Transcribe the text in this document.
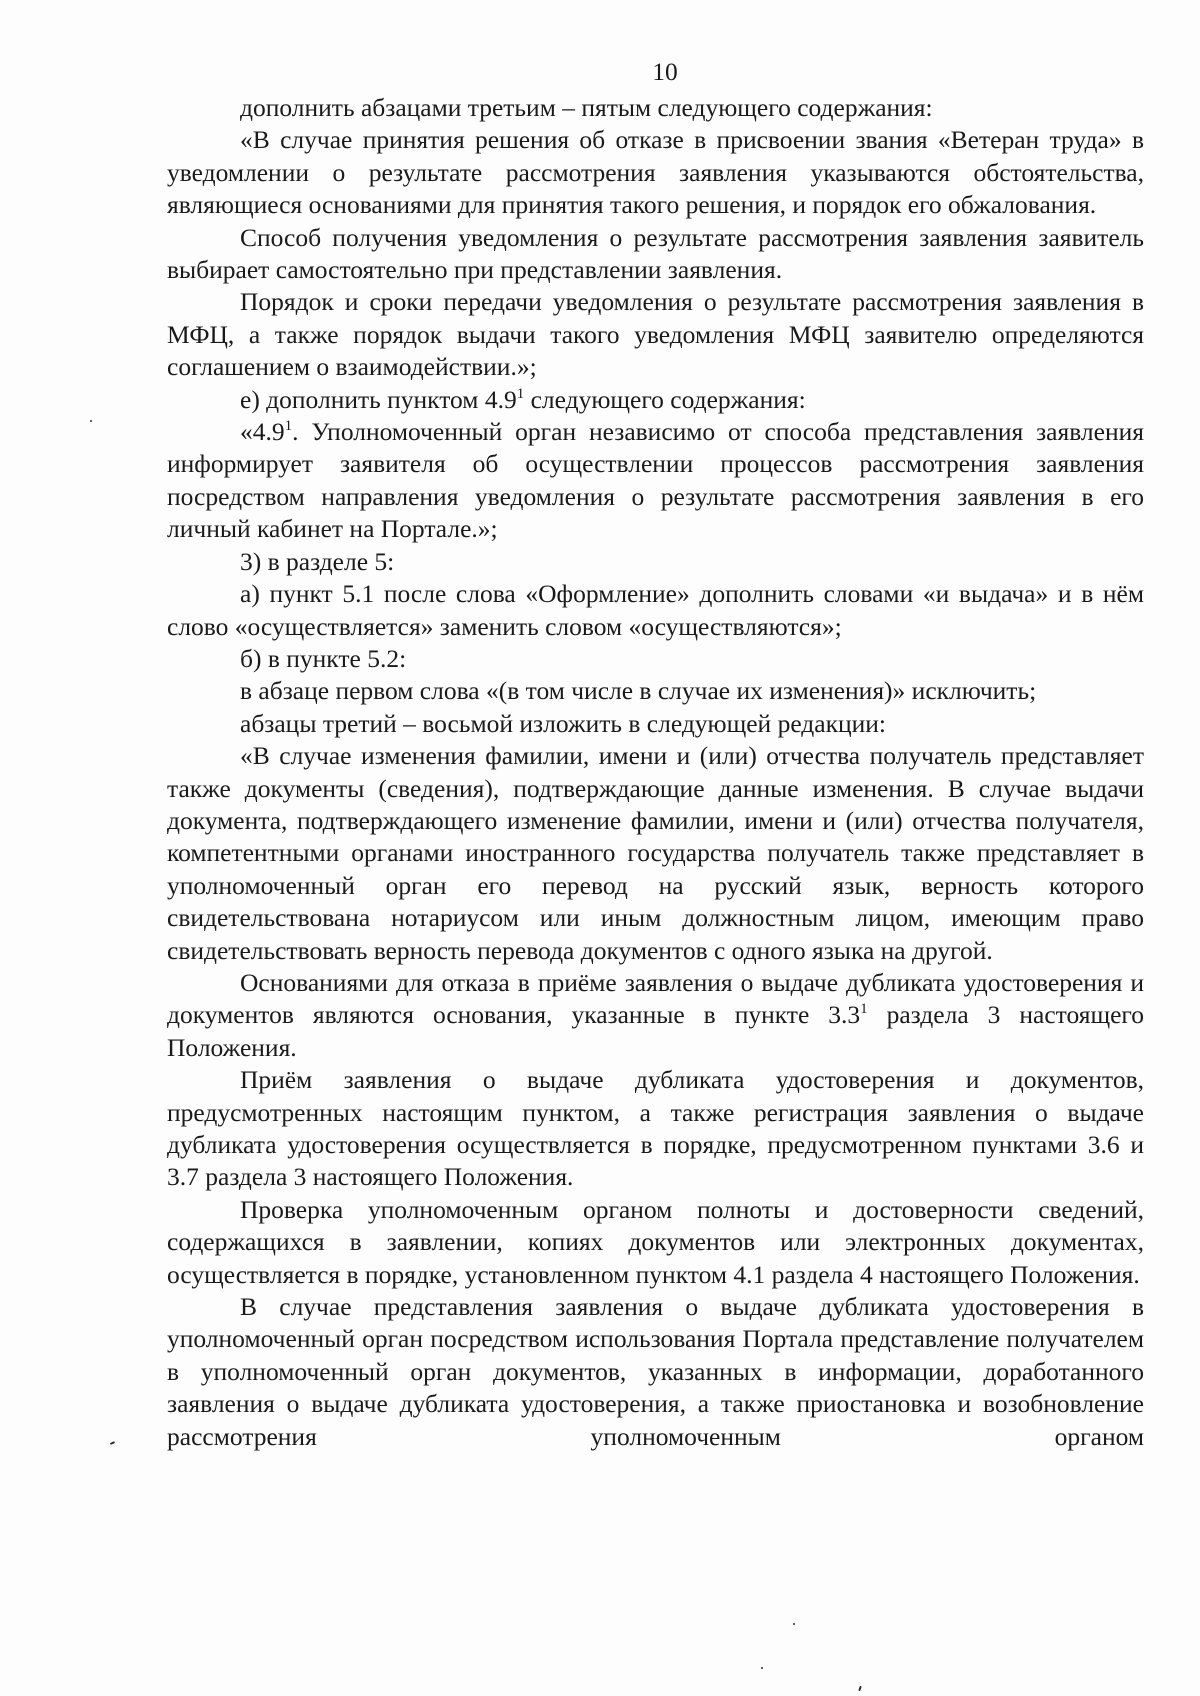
10

дополнить абзацами третьим – пятым следующего содержания:

«В случае принятия решения об отказе в присвоении звания «Ветеран труда» в уведомлении о результате рассмотрения заявления указываются обстоятельства, являющиеся основаниями для принятия такого решения, и порядок его обжалования.

Способ получения уведомления о результате рассмотрения заявления заявитель выбирает самостоятельно при представлении заявления.

Порядок и сроки передачи уведомления о результате рассмотрения заявления в МФЦ, а также порядок выдачи такого уведомления МФЦ заявителю определяются соглашением о взаимодействии.»;

е) дополнить пунктом $4.9^1$ следующего содержания:

«$4.9^1$. Уполномоченный орган независимо от способа представления заявления информирует заявителя об осуществлении процессов рассмотрения заявления посредством направления уведомления о результате рассмотрения заявления в его личный кабинет на Портале.»;

3) в разделе 5:

а) пункт 5.1 после слова «Оформление» дополнить словами «и выдача» и в нём слово «осуществляется» заменить словом «осуществляются»;

б) в пункте 5.2:

в абзаце первом слова «(в том числе в случае их изменения)» исключить;

абзацы третий – восьмой изложить в следующей редакции:

«В случае изменения фамилии, имени и (или) отчества получатель представляет также документы (сведения), подтверждающие данные изменения. В случае выдачи документа, подтверждающего изменение фамилии, имени и (или) отчества получателя, компетентными органами иностранного государства получатель также представляет в уполномоченный орган его перевод на русский язык, верность которого свидетельствована нотариусом или иным должностным лицом, имеющим право свидетельствовать верность перевода документов с одного языка на другой.

Основаниями для отказа в приёме заявления о выдаче дубликата удостоверения и документов являются основания, указанные в пункте $3.3^1$ раздела 3 настоящего Положения.

Приём заявления о выдаче дубликата удостоверения и документов, предусмотренных настоящим пунктом, а также регистрация заявления о выдаче дубликата удостоверения осуществляется в порядке, предусмотренном пунктами 3.6 и 3.7 раздела 3 настоящего Положения.

Проверка уполномоченным органом полноты и достоверности сведений, содержащихся в заявлении, копиях документов или электронных документах, осуществляется в порядке, установленном пунктом 4.1 раздела 4 настоящего Положения.

В случае представления заявления о выдаче дубликата удостоверения в уполномоченный орган посредством использования Портала представление получателем в уполномоченный орган документов, указанных в информации, доработанного заявления о выдаче дубликата удостоверения, а также приостановка и возобновление рассмотрения уполномоченным органом
